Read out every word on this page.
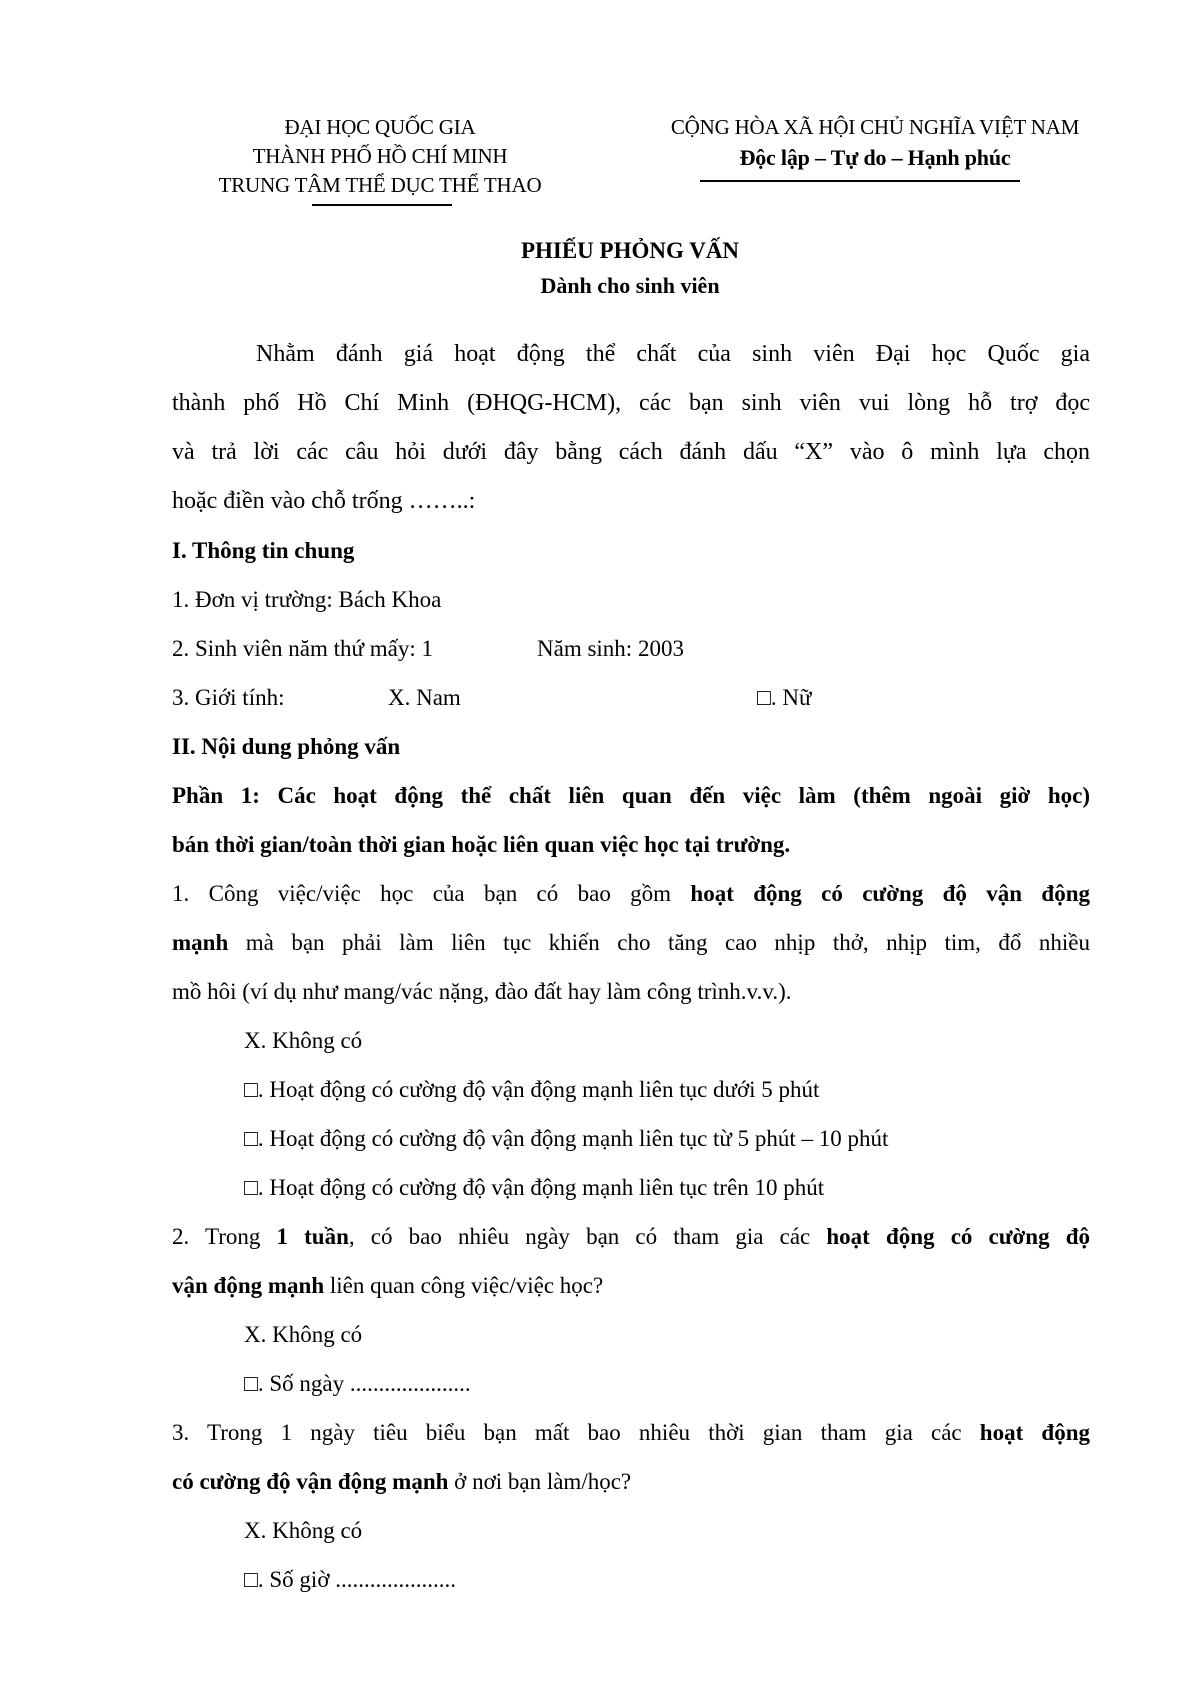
ĐẠI HỌC QUỐC GIA
THÀNH PHỐ HỒ CHÍ MINH
TRUNG TÂM THỂ DỤC THỂ THAO
CỘNG HÒA XÃ HỘI CHỦ NGHĨA VIỆT NAM
Độc lập – Tự do – Hạnh phúc
PHIẾU PHỎNG VẤN
Dành cho sinh viên
Nhằm đánh giá hoạt động thể chất của sinh viên Đại học Quốc gia
thành phố Hồ Chí Minh (ĐHQG-HCM), các bạn sinh viên vui lòng hỗ trợ đọc
và trả lời các câu hỏi dưới đây bằng cách đánh dấu “X” vào ô mình lựa chọn
hoặc điền vào chỗ trống ……..:
I. Thông tin chung
1. Đơn vị trường: Bách Khoa
2. Sinh viên năm thứ mấy: 1	Năm sinh: 2003
3. Giới tính:	X. Nam	□. Nữ
II. Nội dung phỏng vấn
Phần 1: Các hoạt động thể chất liên quan đến việc làm (thêm ngoài giờ học)
bán thời gian/toàn thời gian hoặc liên quan việc học tại trường.
1. Công việc/việc học của bạn có bao gồm hoạt động có cường độ vận động
mạnh mà bạn phải làm liên tục khiến cho tăng cao nhịp thở, nhịp tim, đổ nhiều
mồ hôi (ví dụ như mang/vác nặng, đào đất hay làm công trình.v.v.).
X. Không có
□. Hoạt động có cường độ vận động mạnh liên tục dưới 5 phút
□. Hoạt động có cường độ vận động mạnh liên tục từ 5 phút – 10 phút
□. Hoạt động có cường độ vận động mạnh liên tục trên 10 phút
2. Trong 1 tuần, có bao nhiêu ngày bạn có tham gia các hoạt động có cường độ
vận động mạnh liên quan công việc/việc học?
X. Không có
□. Số ngày .....................
3. Trong 1 ngày tiêu biểu bạn mất bao nhiêu thời gian tham gia các hoạt động
có cường độ vận động mạnh ở nơi bạn làm/học?
X. Không có
□. Số giờ .....................
